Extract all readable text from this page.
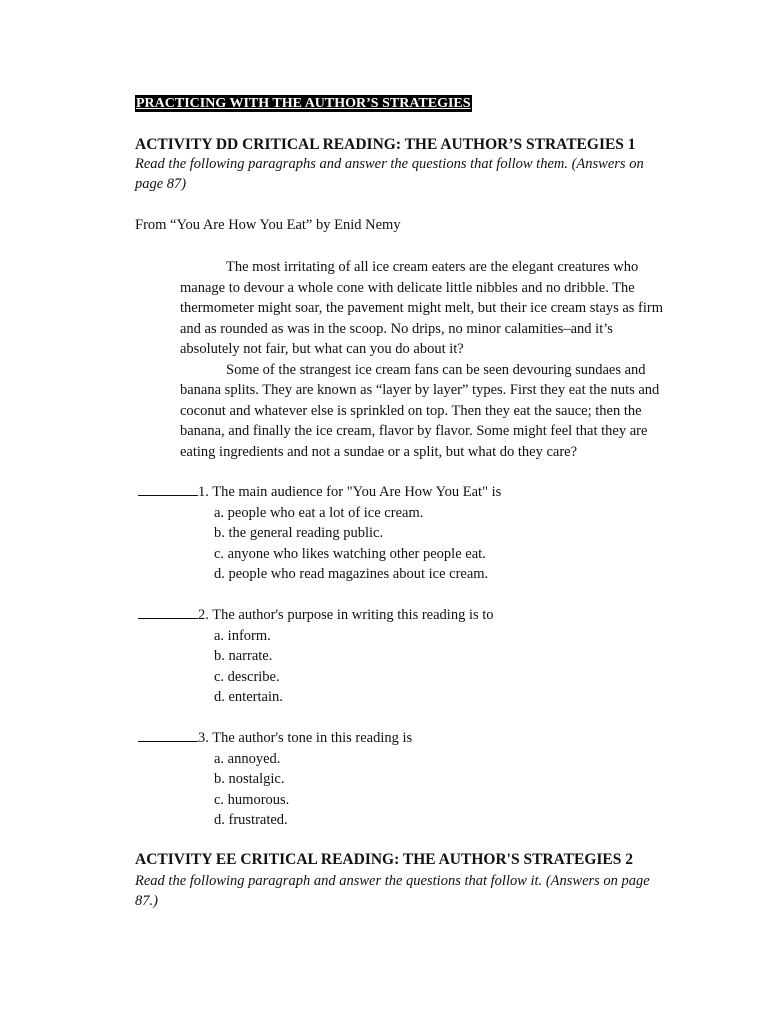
PRACTICING WITH THE AUTHOR’S STRATEGIES
ACTIVITY DD CRITICAL READING: THE AUTHOR’S STRATEGIES 1
Read the following paragraphs and answer the questions that follow them. (Answers on page 87)
From “You Are How You Eat” by Enid Nemy

The most irritating of all ice cream eaters are the elegant creatures who manage to devour a whole cone with delicate little nibbles and no dribble. The thermometer might soar, the pavement might melt, but their ice cream stays as firm and as rounded as was in the scoop. No drips, no minor calamities–and it’s absolutely not fair, but what can you do about it?

Some of the strangest ice cream fans can be seen devouring sundaes and banana splits. They are known as “layer by layer” types. First they eat the nuts and coconut and whatever else is sprinkled on top. Then they eat the sauce; then the banana, and finally the ice cream, flavor by flavor. Some might feel that they are eating ingredients and not a sundae or a split, but what do they care?

1. The main audience for "You Are How You Eat" is
a. people who eat a lot of ice cream.
b. the general reading public.
c. anyone who likes watching other people eat.
d. people who read magazines about ice cream.
2. The author's purpose in writing this reading is to
a. inform.
b. narrate.
c. describe.
d. entertain.
3. The author's tone in this reading is
a. annoyed.
b. nostalgic.
c. humorous.
d. frustrated.
ACTIVITY EE CRITICAL READING: THE AUTHOR'S STRATEGIES 2
Read the following paragraph and answer the questions that follow it. (Answers on page 87.)
